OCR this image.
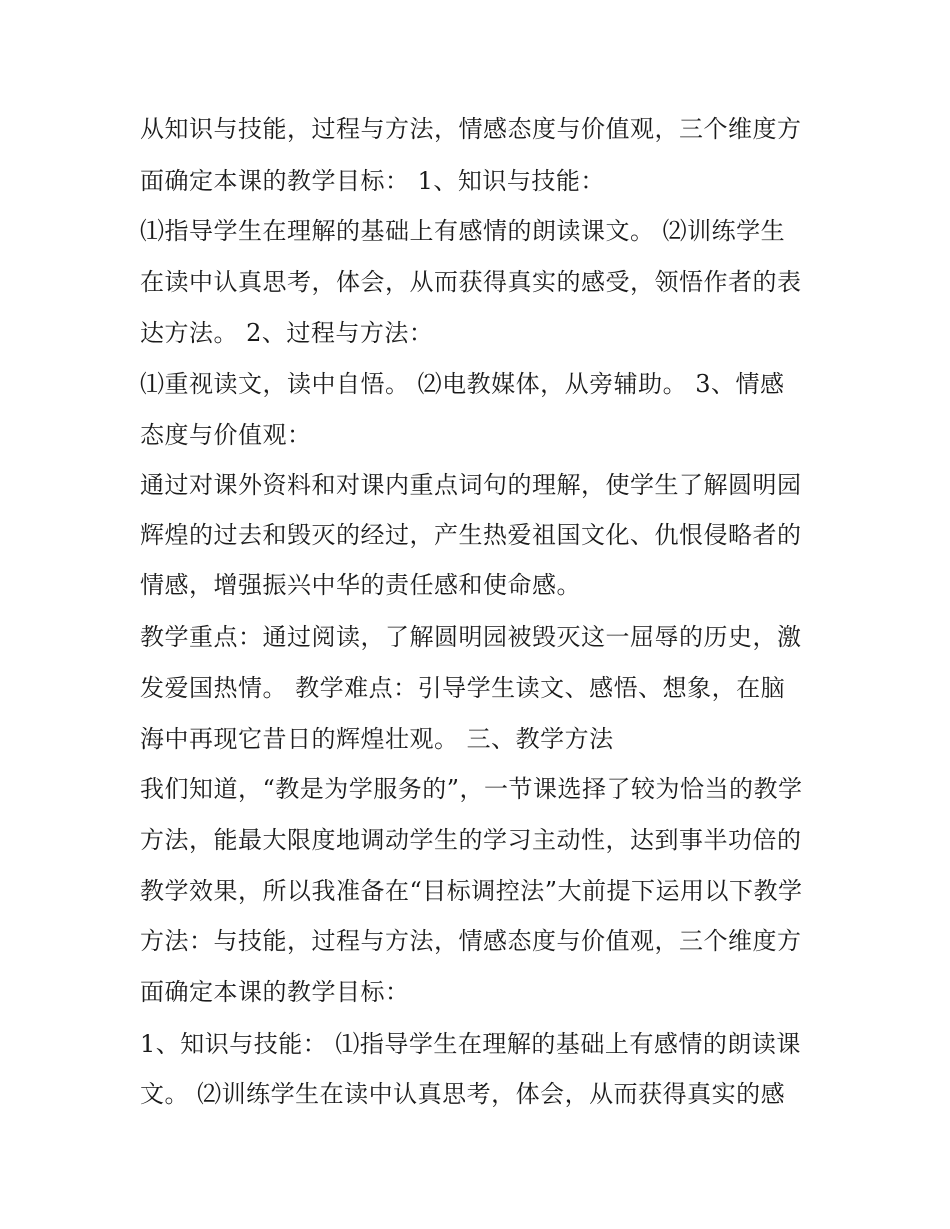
从知识与技能，过程与方法，情感态度与价值观，三个维度方
面确定本课的教学目标： 1、知识与技能：
⑴指导学生在理解的基础上有感情的朗读课文。 ⑵训练学生
在读中认真思考，体会，从而获得真实的感受，领悟作者的表
达方法。 2、过程与方法：
⑴重视读文，读中自悟。 ⑵电教媒体，从旁辅助。 3、情感
态度与价值观：
通过对课外资料和对课内重点词句的理解，使学生了解圆明园
辉煌的过去和毁灭的经过，产生热爱祖国文化、仇恨侵略者的
情感，增强振兴中华的责任感和使命感。
教学重点：通过阅读，了解圆明园被毁灭这一屈辱的历史，激
发爱国热情。 教学难点：引导学生读文、感悟、想象，在脑
海中再现它昔日的辉煌壮观。 三、教学方法
我们知道，“教是为学服务的”，一节课选择了较为恰当的教学
方法，能最大限度地调动学生的学习主动性，达到事半功倍的
教学效果，所以我准备在“目标调控法”大前提下运用以下教学
方法：与技能，过程与方法，情感态度与价值观，三个维度方
面确定本课的教学目标：
1、知识与技能： ⑴指导学生在理解的基础上有感情的朗读课
文。 ⑵训练学生在读中认真思考，体会，从而获得真实的感
